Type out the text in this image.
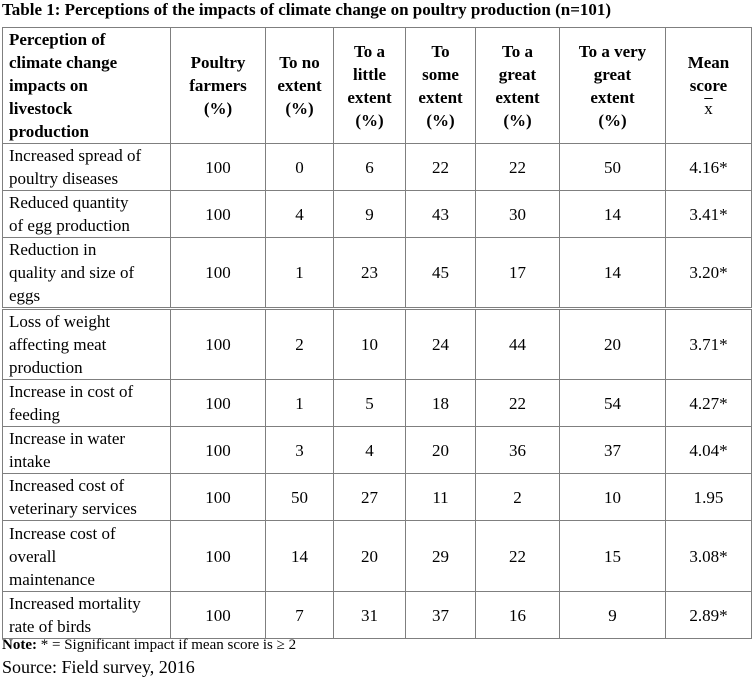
Table 1: Perceptions of the impacts of climate change on poultry production (n=101)
Perception of
climate change
impacts on
livestock
production	Poultry
farmers
(%)	To no
extent
(%)	To a
little
extent
(%)	To
some
extent
(%)	To a
great
extent
(%)	To a very
great
extent
(%)	Mean
score
$\overline{x}$
Increased spread of
poultry diseases	100	0	6	22	22	50	4.16*
Reduced quantity
of egg production	100	4	9	43	30	14	3.41*
Reduction in
quality and size of
eggs	100	1	23	45	17	14	3.20*
Loss of weight
affecting meat
production	100	2	10	24	44	20	3.71*
Increase in cost of
feeding	100	1	5	18	22	54	4.27*
Increase in water
intake	100	3	4	20	36	37	4.04*
Increased cost of
veterinary services	100	50	27	11	2	10	1.95
Increase cost of
overall
maintenance	100	14	20	29	22	15	3.08*
Increased mortality
rate of birds	100	7	31	37	16	9	2.89*
Note: * = Significant impact if mean score is ≥ 2
Source: Field survey, 2016
